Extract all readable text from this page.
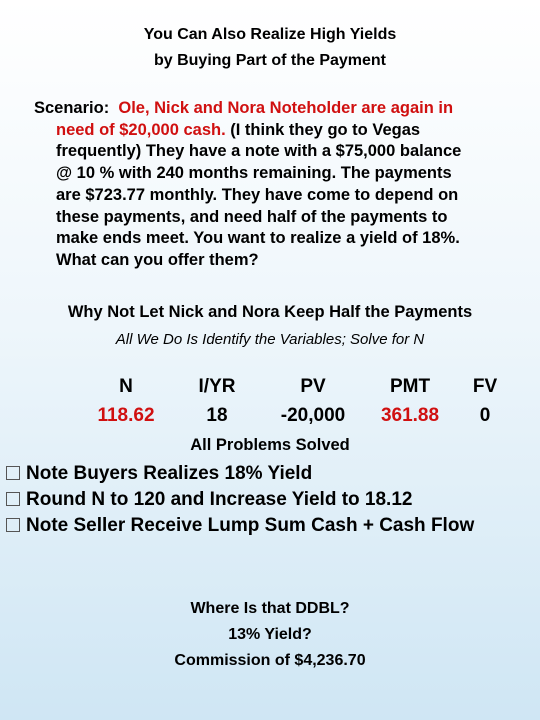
You Can Also Realize High Yields
by Buying Part of the Payment
Scenario: Ole, Nick and Nora Noteholder are again in
need of $20,000 cash. (I think they go to Vegas
frequently) They have a note with a $75,000 balance
@ 10 % with 240 months remaining. The payments
are $723.77 monthly. They have come to depend on
these payments, and need half of the payments to
make ends meet. You want to realize a yield of 18%.
What can you offer them?
Why Not Let Nick and Nora Keep Half the Payments
All We Do Is Identify the Variables; Solve for N
N
118.62
I/YR
18
PV
-20,000
PMT
361.88
FV
0
All Problems Solved
Note Buyers Realizes 18% Yield
Round N to 120 and Increase Yield to 18.12
Note Seller Receive Lump Sum Cash + Cash Flow
Where Is that DDBL?
13% Yield?
Commission of $4,236.70
